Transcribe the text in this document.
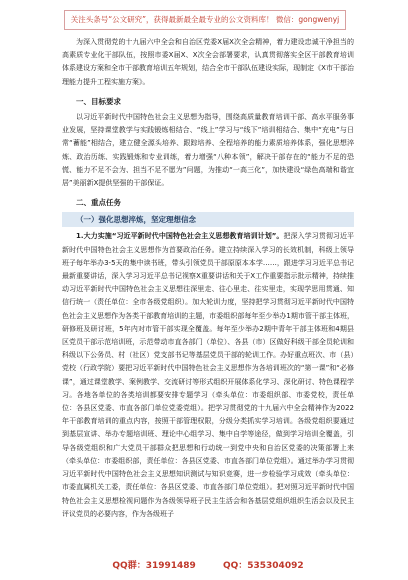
关注头条号“公文研究”，获得最新最全最专业的公文资料库！ 微信：gongwenyj

为深入贯彻党的十九届六中全会和自治区党委X届X次全会精神，着力建设忠诚干净担当的高素质专业化干部队伍，按照市委X届X、X次全会部署要求，认真贯彻落实全区干部教育培训体系建设方案和全市干部教育培训五年规划，结合全市干部队伍建设实际，现制定《X市干部治理能力提升工程实施方案》。

一、目标要求

以习近平新时代中国特色社会主义思想为指导，围绕高质量教育培训干部、高水平服务事业发展，坚持课堂教学与实践锻炼相结合、“线上”学习与“线下”培训相结合、集中“充电”与日常“蓄能”相结合，建立健全源头培养、跟踪培养、全程培养的能力素质培养体系，强化思想淬炼、政治历练、实践锻炼和专业训练，着力增强“八种本领”，解决干部存在的“能力不足的恐慌、能力不足不会为、担当不足不愿为”问题，为推动“一高三化”，加快建设“绿色高端和谐宜居”美丽新X提供坚强的干部保证。

二、重点任务
（一）强化思想淬炼，坚定理想信念

1.大力实施“习近平新时代中国特色社会主义思想教育培训计划”。把深入学习贯彻习近平新时代中国特色社会主义思想作为首要政治任务。建立持续深入学习的长效机制，科级上领导班子每年举办3-5天的集中读书班，带头引领党员干部原原本本学……，跟进学习习近平总书记最新重要讲话，深入学习习近平总书记视察X重要讲话和关于X工作重要指示批示精神，持续推动习近平新时代中国特色社会主义思想往深里走、往心里走、往实里走，实现学思用贯通、知信行统一（责任单位：全市各级党组织）。加大轮训力度，坚持把学习贯彻习近平新时代中国特色社会主义思想作为各类干部教育培训的主题，市委组织部每年至少举办1期市管干部主体班，研修班及研讨班，5年内对市管干部实现全覆盖。每年至少举办2期中青年干部主体班和4期县区党员干部示范培训班，示范带动市直各部门（单位）、各县（市）区做好科级干部全员轮训和科级以下公务员、村（社区）党支部书记等基层党员干部的轮训工作。办好重点班次、市（县）党校（行政学院）要把习近平新时代中国特色社会主义思想作为各培训班次的“第一课”和“必修课”，通过课堂教学、案例教学、交流研讨等形式组织开展体系化学习、深化研讨、特色课程学习。各地各单位的各类培训都要安排专题学习（牵头单位：市委组织部、市委党校，责任单位：各县区党委、市直各部门单位党委党组）。把学习贯彻党的十九届六中全会精神作为2022年干部教育培训的重点内容，按照干部管理权限，分级分类抓实学习培训。各级党组织要通过到基层宣讲、举办专题培训班、理论中心组学习、集中自学等途径，做到学习培训全覆盖，引导各级党组织和广大党员干部群众把思想和行动统一到党中央和自治区党委的决策部署上来（牵头单位：市委组织部，责任单位：各县区党委、市直各部门单位党组）。通过举办学习贯彻习近平新时代中国特色社会主义思想知识测试与知识竞赛，进一步检验学习成效（牵头单位：市委直属机关工委，责任单位：各县区党委、市直各部门单位党组）。把对照习近平新时代中国特色社会主义思想检视问题作为各级领导班子民主生活会和各基层党组织组织生活会以及民主评议党员的必要内容，作为各级班子

QQ群：31991489	QQ：535304092
